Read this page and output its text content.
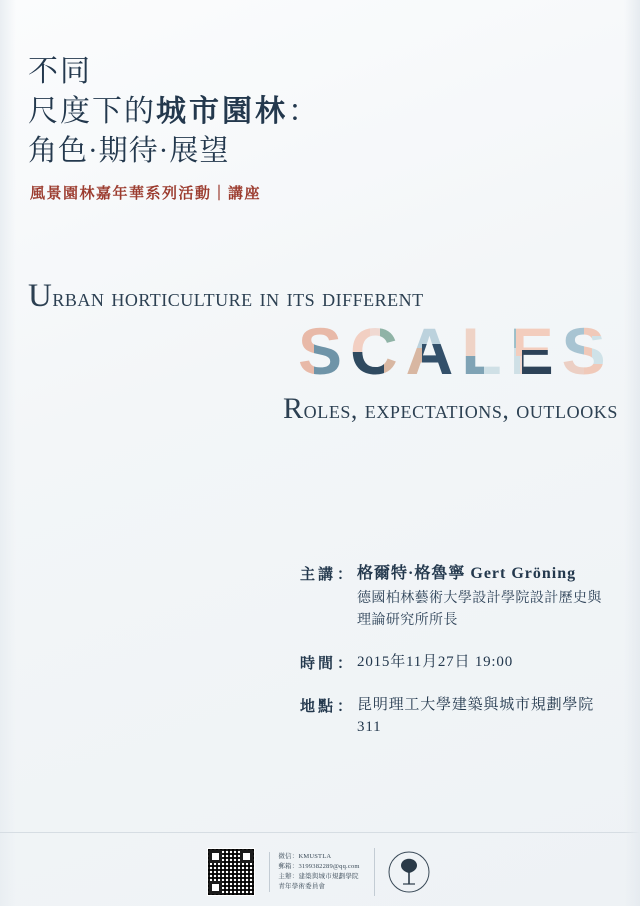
不同
尺度下的城市園林：
角色·期待·展望
風景園林嘉年華系列活動｜講座
Urban horticulture in its different
Roles, expectations, outlooks
主講 ： 格爾特·格魯寧 Gert Gröning
德國柏林藝術大學設計學院設計歷史與理論研究所所長
時間 ： 2015年11月27日 19:00
地點 ： 昆明理工大學建築與城市規劃學院311
微信：KMUSTLA
郵箱：3199382289@qq.com
主辦：建築與城市規劃學院
青年學術委員會
